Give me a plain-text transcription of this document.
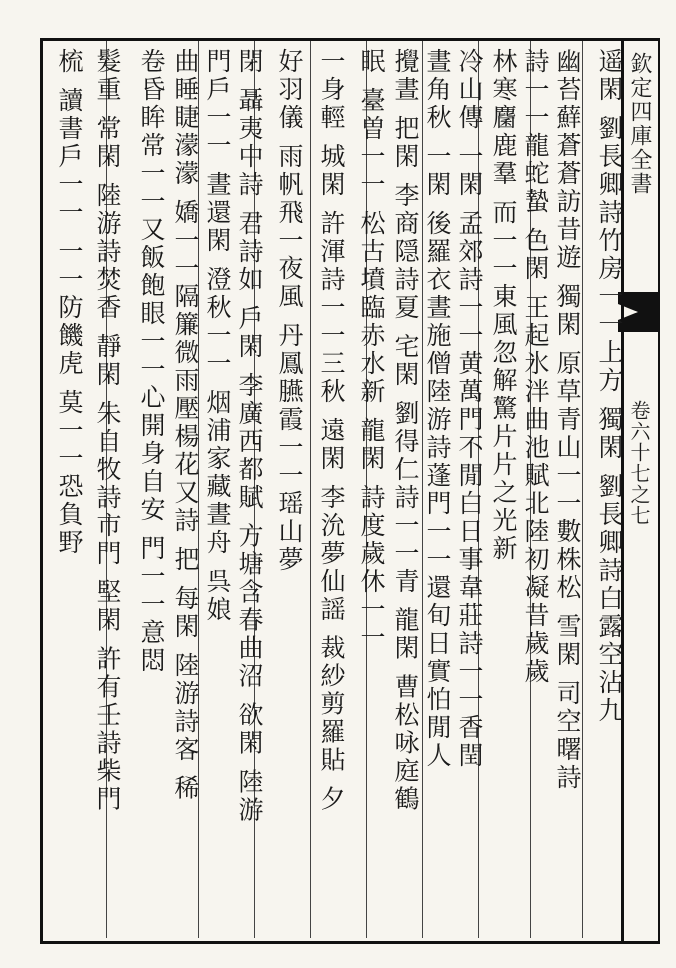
欽定四庫全書
卷六十七之七
遥閑 劉長卿詩竹房一一上方 獨閑 劉長卿詩白露空沾九
幽苔蘚蒼蒼訪昔遊 獨閑 原草青山一一數株松 雪閑 司空曙詩
詩一一龍蛇蟄 色閑 王起氷泮曲池賦北陸初凝昔歲歲
林寒麕鹿羣 而一一東風忽解驚片片之光新
冷山傳 一閑 孟郊詩一一黄萬門不閒白日事韋莊詩一一香閏
晝角秋 一閑 後羅衣晝施僧陸游詩蓬門一一還旬日實怕閒人
攪晝 把閑 李商隠詩夏 宅閑 劉得仁詩一一青 龍閑 曹松咏庭鶴
眠 臺曽一一 松古墳臨赤水新 龍閑 詩度歲休一一
一身輕 城閑 許渾詩一一三秋 遠閑 李沇夢仙謡 裁紗剪羅貼 夕
好羽儀 雨帆飛一夜風 丹鳳臙霞一一瑶山夢
閉 聶夷中詩 君詩如 戶閑 李廣西都賦 方塘含春曲沼 欲閑 陸游
門戶一一 晝還閑 澄秋一一 烟浦家藏晝舟 呉娘
曲睡睫濛濛 嬌一一隔簾微雨壓楊花又詩 把 每閑 陸游詩客 稀
卷昏眸常一一又飯飽眼一一心開身自安 門一一意悶
髮重 常閑 陸游詩焚香 靜閑 朱自牧詩市門 堅閑 許有壬詩柴門
梳 讀書戶一一 一一防饑虎 莫一一恐負野
